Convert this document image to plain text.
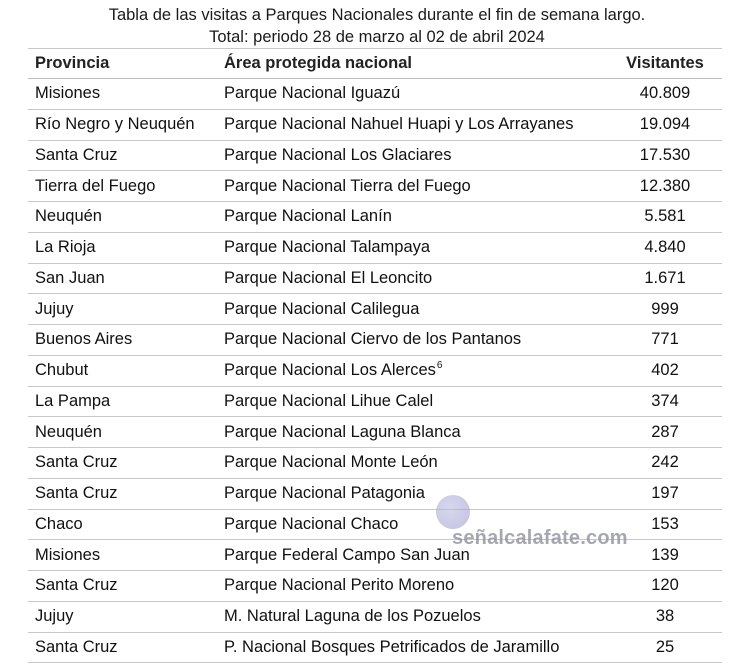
Tabla de las visitas a Parques Nacionales durante el fin de semana largo.
Total: periodo 28 de marzo al 02 de abril 2024
Provincia	Área protegida nacional	Visitantes
Misiones	Parque Nacional Iguazú	40.809
Río Negro y Neuquén	Parque Nacional Nahuel Huapi y Los Arrayanes	19.094
Santa Cruz	Parque Nacional Los Glaciares	17.530
Tierra del Fuego	Parque Nacional Tierra del Fuego	12.380
Neuquén	Parque Nacional Lanín	5.581
La Rioja	Parque Nacional Talampaya	4.840
San Juan	Parque Nacional El Leoncito	1.671
Jujuy	Parque Nacional Calilegua	999
Buenos Aires	Parque Nacional Ciervo de los Pantanos	771
Chubut	Parque Nacional Los Alerces 6	402
La Pampa	Parque Nacional Lihue Calel	374
Neuquén	Parque Nacional Laguna Blanca	287
Santa Cruz	Parque Nacional Monte León	242
Santa Cruz	Parque Nacional Patagonia	197
Chaco	Parque Nacional Chaco	153
Misiones	Parque Federal Campo San Juan	139
Santa Cruz	Parque Nacional Perito Moreno	120
Jujuy	M. Natural Laguna de los Pozuelos	38
Santa Cruz	P. Nacional Bosques Petrificados de Jaramillo	25
señalcalafate.com
